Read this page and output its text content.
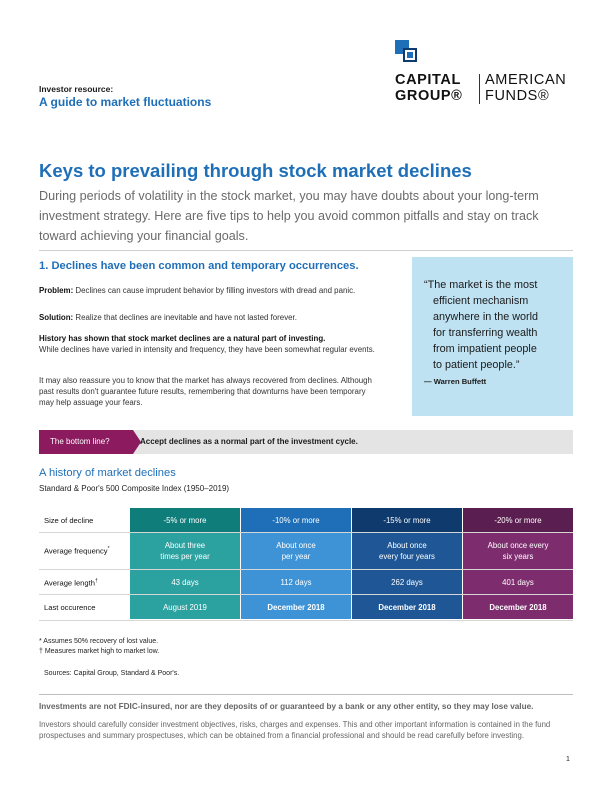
Investor resource:
A guide to market fluctuations
CAPITAL
GROUP®
AMERICAN
FUNDS®
Keys to prevailing through stock market declines
During periods of volatility in the stock market, you may have doubts about your long-term investment strategy. Here are five tips to help you avoid common pitfalls and stay on track toward achieving your financial goals.
1. Declines have been common and temporary occurrences.
Problem: Declines can cause imprudent behavior by filling investors with dread and panic.
Solution: Realize that declines are inevitable and have not lasted forever.
History has shown that stock market declines are a natural part of investing.
While declines have varied in intensity and frequency, they have been somewhat regular events.
It may also reassure you to know that the market has always recovered from declines. Although past results don't guarantee future results, remembering that downturns have been temporary may help assuage your fears.
“The market is the most
efficient mechanism
anywhere in the world
for transferring wealth
from impatient people
to patient people.”
— Warren Buffett
The bottom line?	Accept declines as a normal part of the investment cycle.
A history of market declines
Standard & Poor's 500 Composite Index (1950–2019)
Size of decline
Average frequency*
Average length†
Last occurence
-5% or more
About three
times per year
43 days
August 2019
-10% or more
About once
per year
112 days
December 2018
-15% or more
About once
every four years
262 days
December 2018
-20% or more
About once every
six years
401 days
December 2018
* Assumes 50% recovery of lost value.
† Measures market high to market low.
Sources: Capital Group, Standard & Poor's.
Investments are not FDIC-insured, nor are they deposits of or guaranteed by a bank or any other entity, so they may lose value.
Investors should carefully consider investment objectives, risks, charges and expenses. This and other important information is contained in the fund prospectuses and summary prospectuses, which can be obtained from a financial professional and should be read carefully before investing.
1
